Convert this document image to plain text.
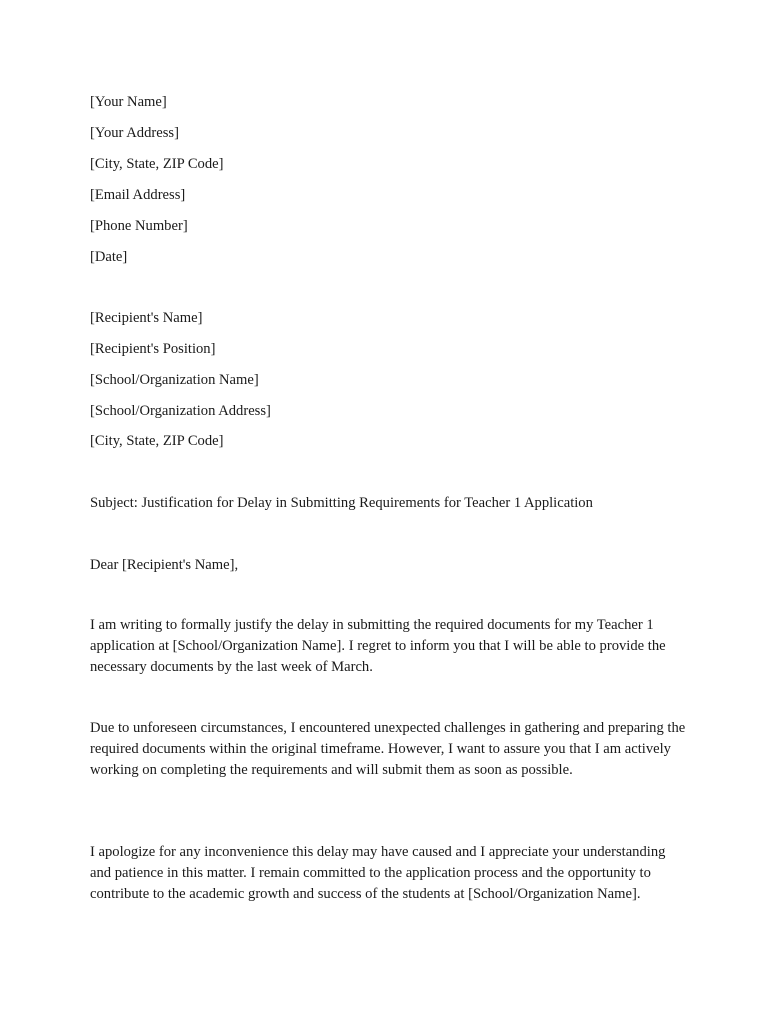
[Your Name]
[Your Address]
[City, State, ZIP Code]
[Email Address]
[Phone Number]
[Date]
[Recipient's Name]
[Recipient's Position]
[School/Organization Name]
[School/Organization Address]
[City, State, ZIP Code]
Subject: Justification for Delay in Submitting Requirements for Teacher 1 Application
Dear [Recipient's Name],
I am writing to formally justify the delay in submitting the required documents for my Teacher 1 application at [School/Organization Name]. I regret to inform you that I will be able to provide the necessary documents by the last week of March.
Due to unforeseen circumstances, I encountered unexpected challenges in gathering and preparing the required documents within the original timeframe. However, I want to assure you that I am actively working on completing the requirements and will submit them as soon as possible.
I apologize for any inconvenience this delay may have caused and I appreciate your understanding and patience in this matter. I remain committed to the application process and the opportunity to contribute to the academic growth and success of the students at [School/Organization Name].
